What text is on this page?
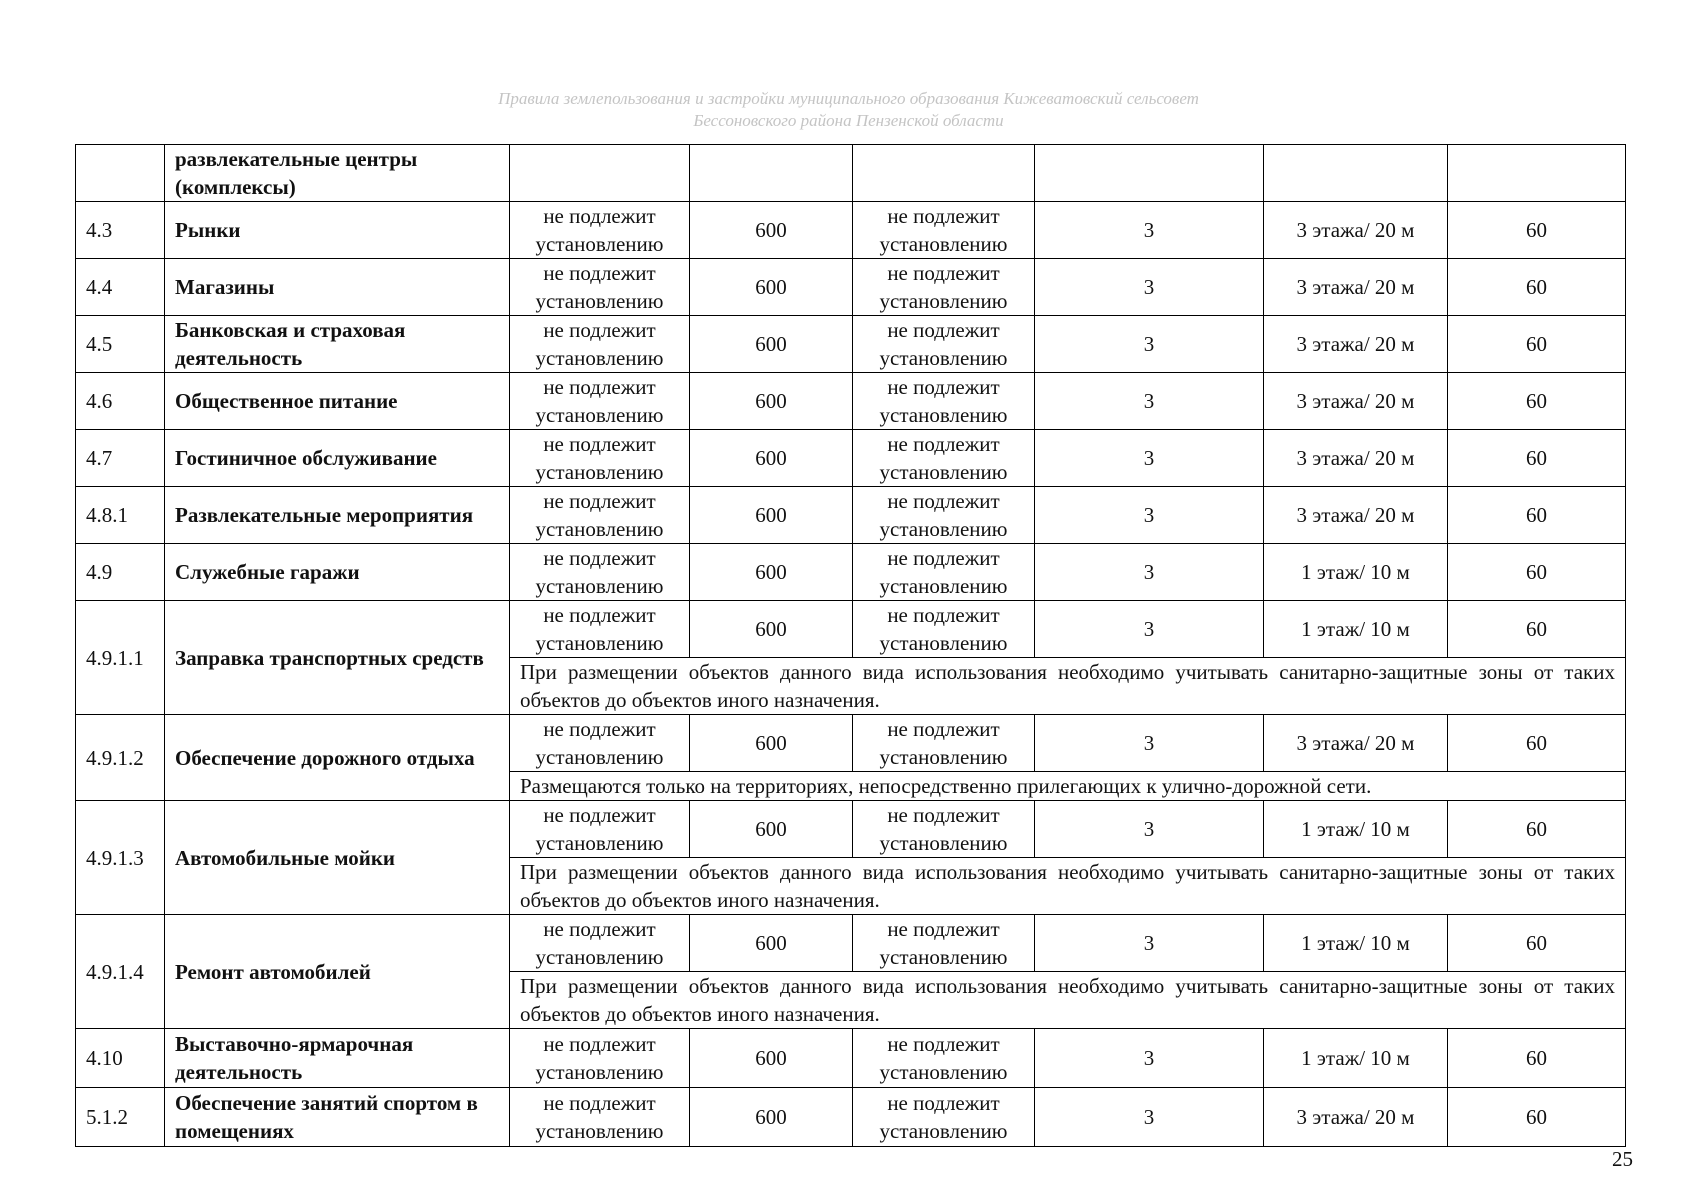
Правила землепользования и застройки муниципального образования Кижеватовский сельсовет
Бессоновского района Пензенской области
	развлекательные центры (комплексы)						
4.3	Рынки	не подлежит установлению	600	не подлежит установлению	3	3 этажа/ 20 м	60
4.4	Магазины	не подлежит установлению	600	не подлежит установлению	3	3 этажа/ 20 м	60
4.5	Банковская и страховая деятельность	не подлежит установлению	600	не подлежит установлению	3	3 этажа/ 20 м	60
4.6	Общественное питание	не подлежит установлению	600	не подлежит установлению	3	3 этажа/ 20 м	60
4.7	Гостиничное обслуживание	не подлежит установлению	600	не подлежит установлению	3	3 этажа/ 20 м	60
4.8.1	Развлекательные мероприятия	не подлежит установлению	600	не подлежит установлению	3	3 этажа/ 20 м	60
4.9	Служебные гаражи	не подлежит установлению	600	не подлежит установлению	3	1 этаж/ 10 м	60
4.9.1.1	Заправка транспортных средств	не подлежит установлению	600	не подлежит установлению	3	1 этаж/ 10 м	60
		При размещении объектов данного вида использования необходимо учитывать санитарно-защитные зоны от таких объектов до объектов иного назначения.					
4.9.1.2	Обеспечение дорожного отдыха	не подлежит установлению	600	не подлежит установлению	3	3 этажа/ 20 м	60
		Размещаются только на территориях, непосредственно прилегающих к улично-дорожной сети.					
4.9.1.3	Автомобильные мойки	не подлежит установлению	600	не подлежит установлению	3	1 этаж/ 10 м	60
		При размещении объектов данного вида использования необходимо учитывать санитарно-защитные зоны от таких объектов до объектов иного назначения.					
4.9.1.4	Ремонт автомобилей	не подлежит установлению	600	не подлежит установлению	3	1 этаж/ 10 м	60
		При размещении объектов данного вида использования необходимо учитывать санитарно-защитные зоны от таких объектов до объектов иного назначения.					
4.10	Выставочно-ярмарочная деятельность	не подлежит установлению	600	не подлежит установлению	3	1 этаж/ 10 м	60
5.1.2	Обеспечение занятий спортом в помещениях	не подлежит установлению	600	не подлежит установлению	3	3 этажа/ 20 м	60
25
